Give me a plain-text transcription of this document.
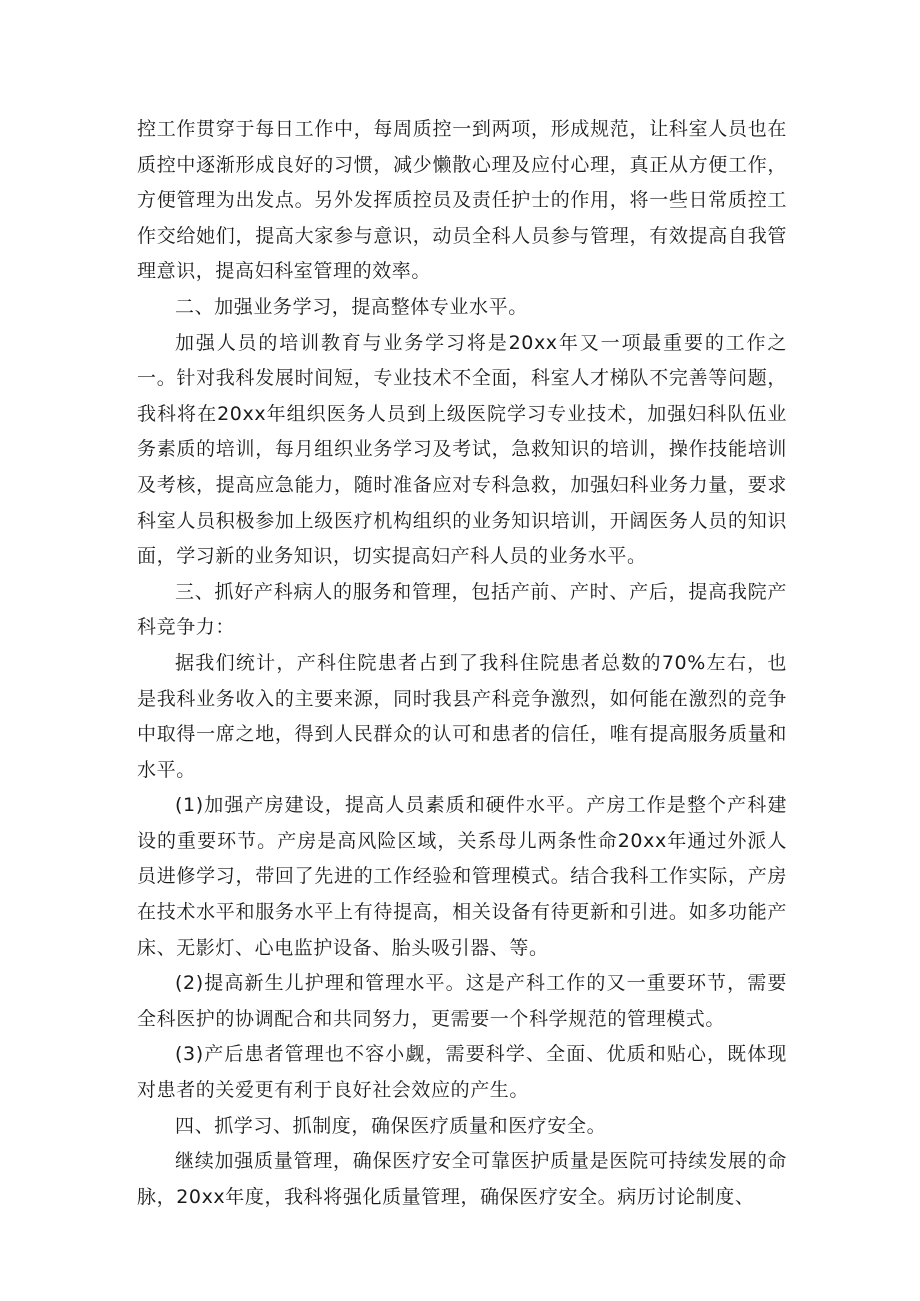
控工作贯穿于每日工作中，每周质控一到两项，形成规范，让科室人员也在质控中逐渐形成良好的习惯，减少懒散心理及应付心理，真正从方便工作，方便管理为出发点。另外发挥质控员及责任护士的作用，将一些日常质控工作交给她们，提高大家参与意识，动员全科人员参与管理，有效提高自我管理意识，提高妇科室管理的效率。

二、加强业务学习，提高整体专业水平。

加强人员的培训教育与业务学习将是20xx年又一项最重要的工作之一。针对我科发展时间短，专业技术不全面，科室人才梯队不完善等问题，我科将在20xx年组织医务人员到上级医院学习专业技术，加强妇科队伍业务素质的培训，每月组织业务学习及考试，急救知识的培训，操作技能培训及考核，提高应急能力，随时准备应对专科急救，加强妇科业务力量，要求科室人员积极参加上级医疗机构组织的业务知识培训，开阔医务人员的知识面，学习新的业务知识，切实提高妇产科人员的业务水平。

三、抓好产科病人的服务和管理，包括产前、产时、产后，提高我院产科竞争力：

据我们统计，产科住院患者占到了我科住院患者总数的70%左右，也是我科业务收入的主要来源，同时我县产科竞争激烈，如何能在激烈的竞争中取得一席之地，得到人民群众的认可和患者的信任，唯有提高服务质量和水平。

(1)加强产房建设，提高人员素质和硬件水平。产房工作是整个产科建设的重要环节。产房是高风险区域，关系母儿两条性命20xx年通过外派人员进修学习，带回了先进的工作经验和管理模式。结合我科工作实际，产房在技术水平和服务水平上有待提高，相关设备有待更新和引进。如多功能产床、无影灯、心电监护设备、胎头吸引器、等。

(2)提高新生儿护理和管理水平。这是产科工作的又一重要环节，需要全科医护的协调配合和共同努力，更需要一个科学规范的管理模式。

(3)产后患者管理也不容小觑，需要科学、全面、优质和贴心，既体现对患者的关爱更有利于良好社会效应的产生。

四、抓学习、抓制度，确保医疗质量和医疗安全。

继续加强质量管理，确保医疗安全可靠医护质量是医院可持续发展的命脉，20xx年度，我科将强化质量管理，确保医疗安全。病历讨论制度、
